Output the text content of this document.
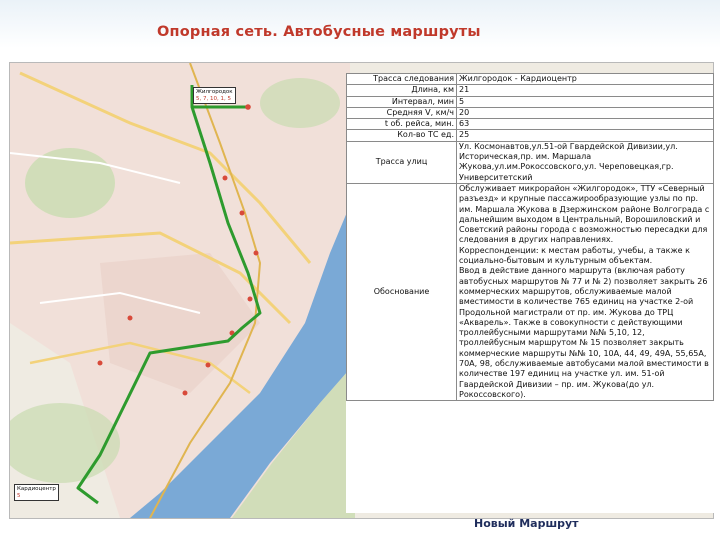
Опорная сеть. Автобусные маршруты
Жилгородок
5, 7, 10, 1, 5
Кардиоцентр
5
Трасса следования	Жилгородок - Кардиоцентр
Длина, км	21
Интервал, мин	5
Средняя V, км/ч	20
t об. рейса, мин.	63
Кол-во ТС ед.	25
Трасса улиц	Ул. Космонавтов,ул.51-ой Гвардейской Дивизии,ул. Историческая,пр. им. Маршала Жукова,ул.им.Рокоссовского,ул. Череповецкая,гр. Университетский
Обоснование	Обслуживает микрорайон «Жилгородок», ТТУ «Северный разъезд» и крупные пассажирообразующие узлы по пр. им. Маршала Жукова в Дзержинском районе Волгограда с дальнейшим выходом в Центральный, Ворошиловский и Советский районы города с возможностью пересадки для следования в других направлениях.
Корреспонденции: к местам работы, учебы, а также к социально-бытовым и культурным объектам.
Ввод в действие данного маршрута (включая работу автобусных маршрутов № 77 и № 2) позволяет закрыть 26 коммерческих маршрутов, обслуживаемые малой вместимости в количестве 765 единиц на участке 2-ой Продольной магистрали от пр. им. Жукова до ТРЦ «Акварель». Также в совокупности с действующими троллейбусными маршрутами №№ 5,10, 12, троллейбусным маршрутом № 15 позволяет закрыть коммерческие маршруты №№ 10, 10А, 44, 49, 49А, 55,65А, 70А, 98, обслуживаемые автобусами малой вместимости в количестве 197 единиц на участке ул. им. 51-ой Гвардейской Дивизии – пр. им. Жукова(до ул. Рокоссовского).
Новый Маршрут
